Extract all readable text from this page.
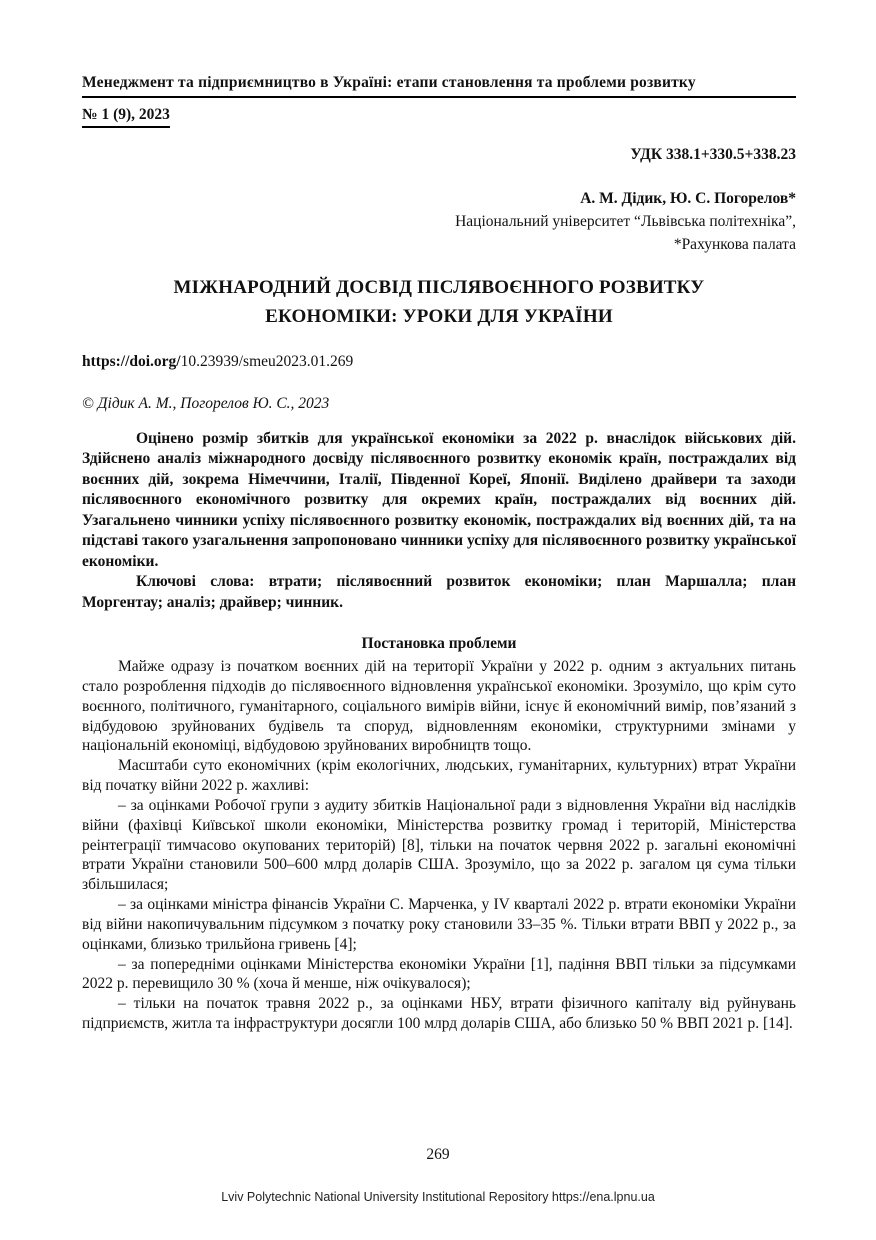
Менеджмент та підприємництво в Україні: етапи становлення та проблеми розвитку
№ 1 (9), 2023
УДК 338.1+330.5+338.23
А. М. Дідик, Ю. С. Погорелов*
Національний університет “Львівська політехніка”,
*Рахункова палата
МІЖНАРОДНИЙ ДОСВІД ПІСЛЯВОЄННОГО РОЗВИТКУ
ЕКОНОМІКИ: УРОКИ ДЛЯ УКРАЇНИ
https://doi.org/10.23939/smeu2023.01.269
© Дідик А. М., Погорелов Ю. С., 2023

Оцінено розмір збитків для української економіки за 2022 р. внаслідок військових дій. Здійснено аналіз міжнародного досвіду післявоєнного розвитку економік країн, постраждалих від воєнних дій, зокрема Німеччини, Італії, Південної Кореї, Японії. Виділено драйвери та заходи післявоєнного економічного розвитку для окремих країн, постраждалих від воєнних дій. Узагальнено чинники успіху післявоєнного розвитку економік, постраждалих від воєнних дій, та на підставі такого узагальнення запропоновано чинники успіху для післявоєнного розвитку української економіки.

Ключові слова: втрати; післявоєнний розвиток економіки; план Маршалла; план Моргентау; аналіз; драйвер; чинник.

Постановка проблеми

Майже одразу із початком воєнних дій на території України у 2022 р. одним з актуальних питань стало розроблення підходів до післявоєнного відновлення української економіки. Зрозуміло, що крім суто воєнного, політичного, гуманітарного, соціального вимірів війни, існує й економічний вимір, пов’язаний з відбудовою зруйнованих будівель та споруд, відновленням економіки, структурними змінами у національній економіці, відбудовою зруйнованих виробництв тощо.

Масштаби суто економічних (крім екологічних, людських, гуманітарних, культурних) втрат України від початку війни 2022 р. жахливі:

– за оцінками Робочої групи з аудиту збитків Національної ради з відновлення України від наслідків війни (фахівці Київської школи економіки, Міністерства розвитку громад і територій, Міністерства реінтеграції тимчасово окупованих територій) [8], тільки на початок червня 2022 р. загальні економічні втрати України становили 500–600 млрд доларів США. Зрозуміло, що за 2022 р. загалом ця сума тільки збільшилася;

– за оцінками міністра фінансів України С. Марченка, у IV кварталі 2022 р. втрати економіки України від війни накопичувальним підсумком з початку року становили 33–35 %. Тільки втрати ВВП у 2022 р., за оцінками, близько трильйона гривень [4];

– за попередніми оцінками Міністерства економіки України [1], падіння ВВП тільки за підсумками 2022 р. перевищило 30 % (хоча й менше, ніж очікувалося);

– тільки на початок травня 2022 р., за оцінками НБУ, втрати фізичного капіталу від руйнувань підприємств, житла та інфраструктури досягли 100 млрд доларів США, або близько 50 % ВВП 2021 р. [14].

269
Lviv Polytechnic National University Institutional Repository https://ena.lpnu.ua
